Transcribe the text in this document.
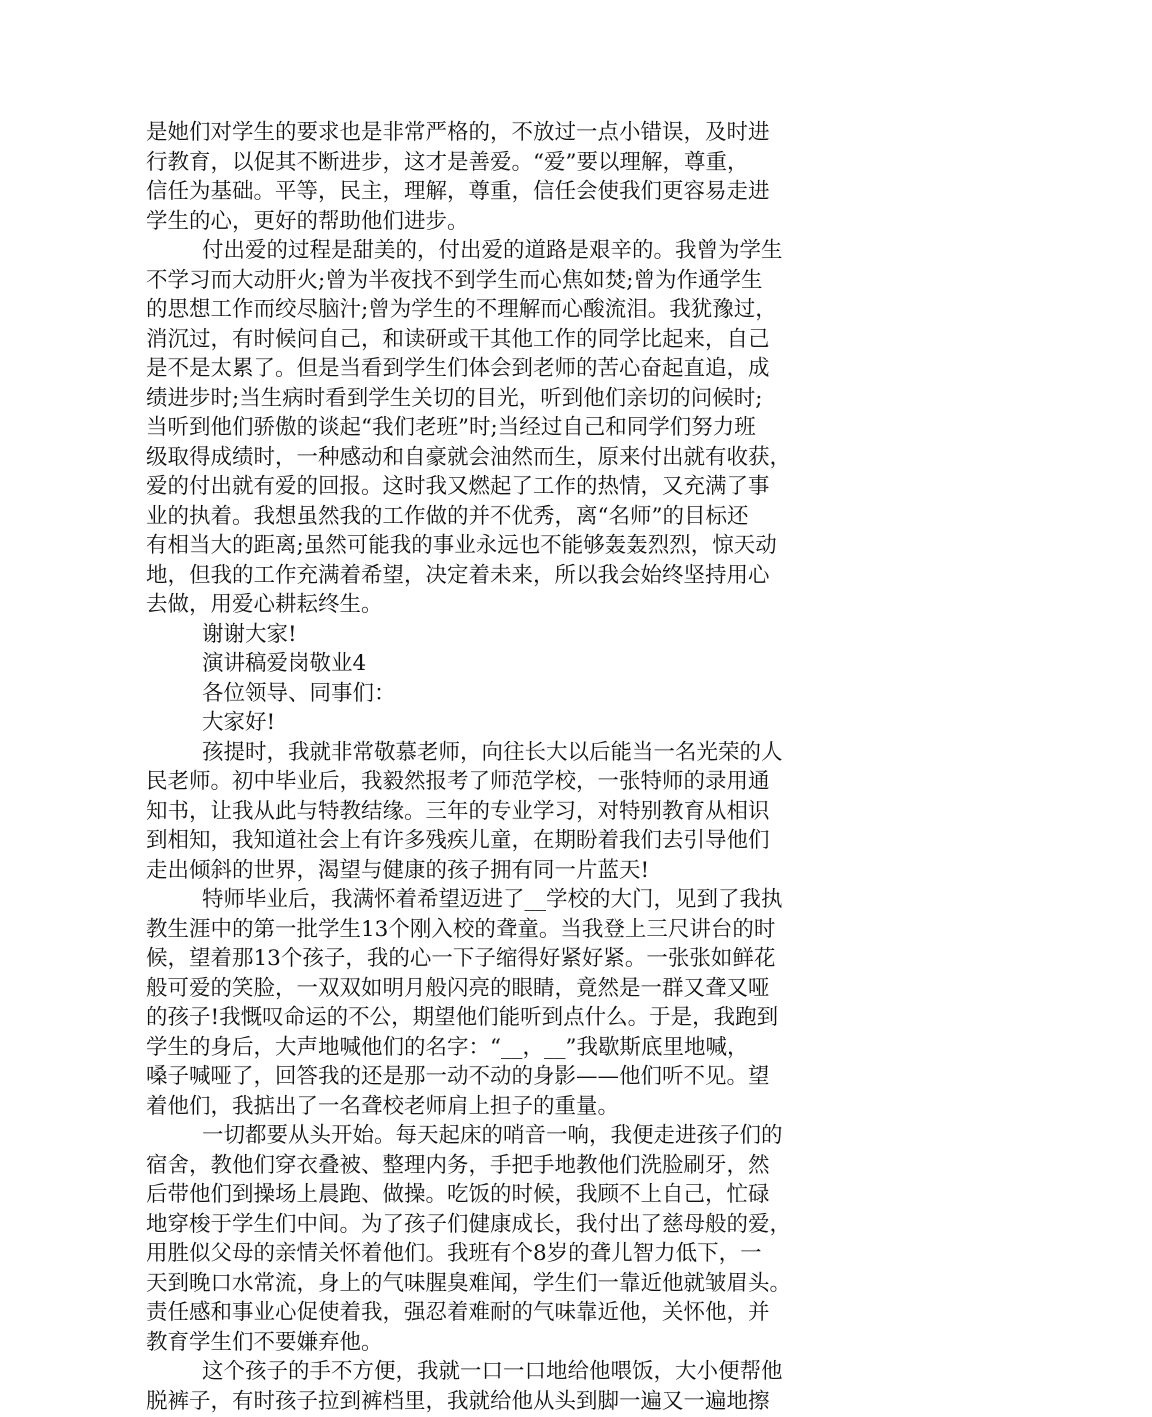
是她们对学生的要求也是非常严格的，不放过一点小错误，及时进
行教育，以促其不断进步，这才是善爱。“爱”要以理解，尊重，
信任为基础。平等，民主，理解，尊重，信任会使我们更容易走进
学生的心，更好的帮助他们进步。
付出爱的过程是甜美的，付出爱的道路是艰辛的。我曾为学生
不学习而大动肝火;曾为半夜找不到学生而心焦如焚;曾为作通学生
的思想工作而绞尽脑汁;曾为学生的不理解而心酸流泪。我犹豫过，
消沉过，有时候问自己，和读研或干其他工作的同学比起来，自己
是不是太累了。但是当看到学生们体会到老师的苦心奋起直追，成
绩进步时;当生病时看到学生关切的目光，听到他们亲切的问候时;
当听到他们骄傲的谈起“我们老班”时;当经过自己和同学们努力班
级取得成绩时，一种感动和自豪就会油然而生，原来付出就有收获，
爱的付出就有爱的回报。这时我又燃起了工作的热情，又充满了事
业的执着。我想虽然我的工作做的并不优秀，离“名师”的目标还
有相当大的距离;虽然可能我的事业永远也不能够轰轰烈烈，惊天动
地，但我的工作充满着希望，决定着未来，所以我会始终坚持用心
去做，用爱心耕耘终生。
谢谢大家!
演讲稿爱岗敬业4
各位领导、同事们：
大家好!
孩提时，我就非常敬慕老师，向往长大以后能当一名光荣的人
民老师。初中毕业后，我毅然报考了师范学校，一张特师的录用通
知书，让我从此与特教结缘。三年的专业学习，对特别教育从相识
到相知，我知道社会上有许多残疾儿童，在期盼着我们去引导他们
走出倾斜的世界，渴望与健康的孩子拥有同一片蓝天!
特师毕业后，我满怀着希望迈进了__学校的大门，见到了我执
教生涯中的第一批学生13个刚入校的聋童。当我登上三尺讲台的时
候，望着那13个孩子，我的心一下子缩得好紧好紧。一张张如鲜花
般可爱的笑脸，一双双如明月般闪亮的眼睛，竟然是一群又聋又哑
的孩子!我慨叹命运的不公，期望他们能听到点什么。于是，我跑到
学生的身后，大声地喊他们的名字：“__，__”我歇斯底里地喊，
嗓子喊哑了，回答我的还是那一动不动的身影——他们听不见。望
着他们，我掂出了一名聋校老师肩上担子的重量。
一切都要从头开始。每天起床的哨音一响，我便走进孩子们的
宿舍，教他们穿衣叠被、整理内务，手把手地教他们洗脸刷牙，然
后带他们到操场上晨跑、做操。吃饭的时候，我顾不上自己，忙碌
地穿梭于学生们中间。为了孩子们健康成长，我付出了慈母般的爱，
用胜似父母的亲情关怀着他们。我班有个8岁的聋儿智力低下，一
天到晚口水常流，身上的气味腥臭难闻，学生们一靠近他就皱眉头。
责任感和事业心促使着我，强忍着难耐的气味靠近他，关怀他，并
教育学生们不要嫌弃他。
这个孩子的手不方便，我就一口一口地给他喂饭，大小便帮他
脱裤子，有时孩子拉到裤档里，我就给他从头到脚一遍又一遍地擦
